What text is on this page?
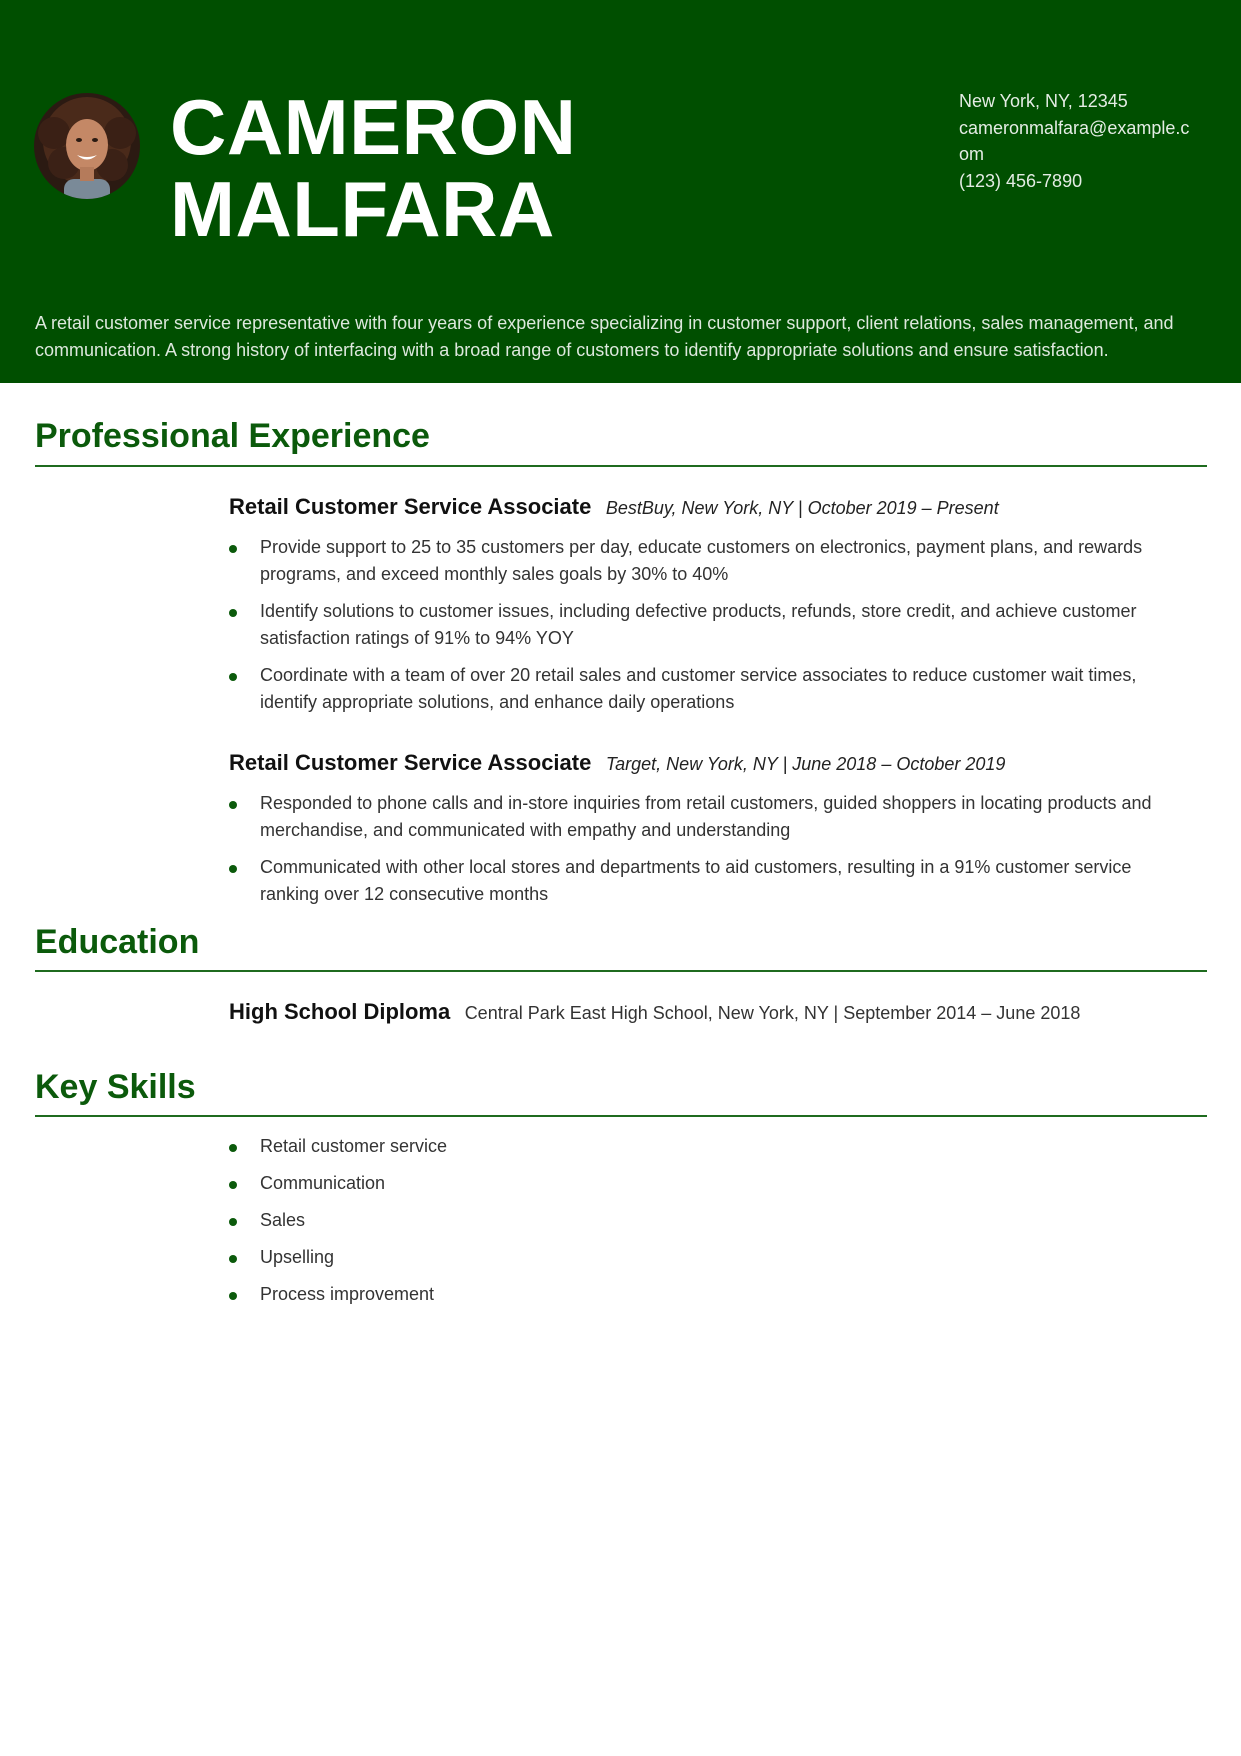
CAMERON
MALFARA
New York, NY, 12345
cameronmalfara@example.com
(123) 456-7890

A retail customer service representative with four years of experience specializing in customer support, client relations, sales management, and communication. A strong history of interfacing with a broad range of customers to identify appropriate solutions and ensure satisfaction.

Professional Experience
Retail Customer Service Associate BestBuy, New York, NY | October 2019 – Present
Provide support to 25 to 35 customers per day, educate customers on electronics, payment plans, and rewards programs, and exceed monthly sales goals by 30% to 40%
Identify solutions to customer issues, including defective products, refunds, store credit, and achieve customer satisfaction ratings of 91% to 94% YOY
Coordinate with a team of over 20 retail sales and customer service associates to reduce customer wait times, identify appropriate solutions, and enhance daily operations
Retail Customer Service Associate Target, New York, NY | June 2018 – October 2019
Responded to phone calls and in-store inquiries from retail customers, guided shoppers in locating products and merchandise, and communicated with empathy and understanding
Communicated with other local stores and departments to aid customers, resulting in a 91% customer service ranking over 12 consecutive months
Education
High School Diploma Central Park East High School, New York, NY | September 2014 – June 2018
Key Skills
Retail customer service
Communication
Sales
Upselling
Process improvement
